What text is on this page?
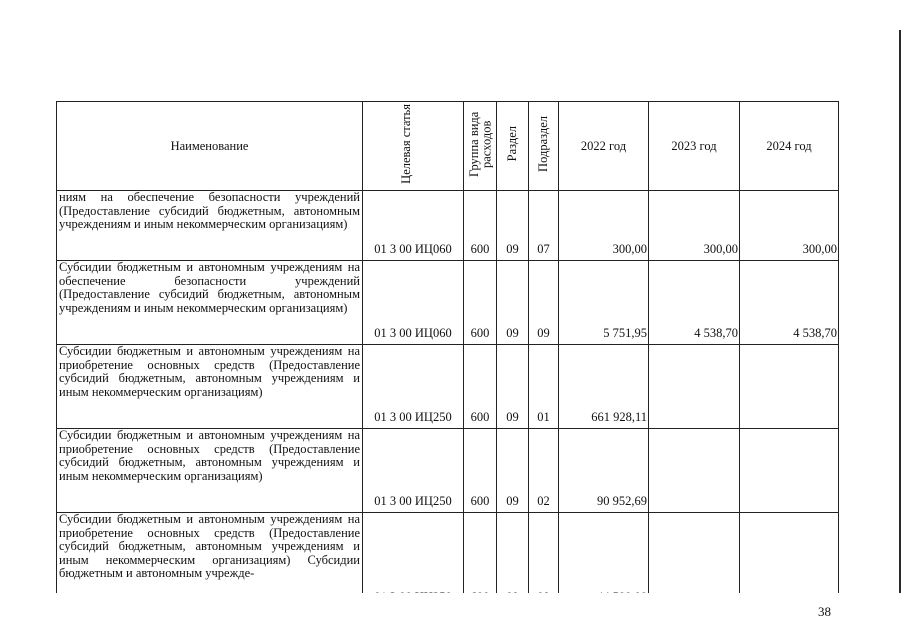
Наименование	Целевая статья	Группа вида расходов	Раздел	Подраздел	2022 год	2023 год	2024 год
ниям на обеспечение безопасности учреждений (Предоставление субсидий бюджетным, автономным учреждениям и иным некоммерческим организациям)	01 3 00 ИЦ060	600	09	07	300,00	300,00	300,00
Субсидии бюджетным и автономным учреждениям на обеспечение безопасности учреждений (Предоставление субсидий бюджетным, автономным учреждениям и иным некоммерческим организациям)	01 3 00 ИЦ060	600	09	09	5 751,95	4 538,70	4 538,70
Субсидии бюджетным и автономным учреждениям на приобретение основных средств (Предоставление субсидий бюджетным, автономным учреждениям и иным некоммерческим организациям)	01 3 00 ИЦ250	600	09	01	661 928,11		
Субсидии бюджетным и автономным учреждениям на приобретение основных средств (Предоставление субсидий бюджетным, автономным учреждениям и иным некоммерческим организациям)	01 3 00 ИЦ250	600	09	02	90 952,69		
Субсидии бюджетным и автономным учреждениям на приобретение основных средств (Предоставление субсидий бюджетным, автономным учреждениям и иным некоммерческим организациям) Субсидии бюджетным и автономным учрежде-							
38
